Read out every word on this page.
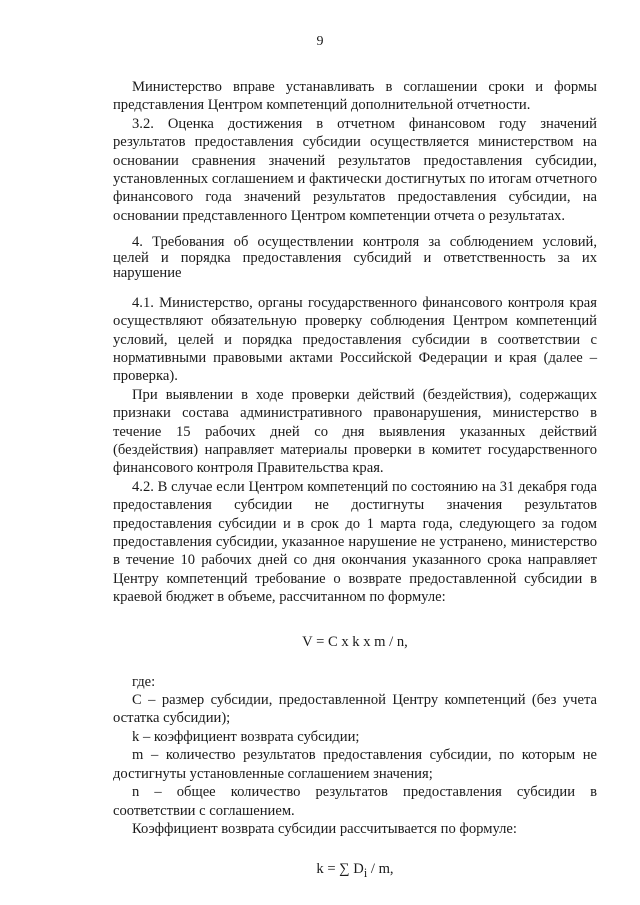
9

Министерство вправе устанавливать в соглашении сроки и формы представления Центром компетенций дополнительной отчетности.

3.2. Оценка достижения в отчетном финансовом году значений результатов предоставления субсидии осуществляется министерством на основании сравнения значений результатов предоставления субсидии, установленных соглашением и фактически достигнутых по итогам отчетного финансового года значений результатов предоставления субсидии, на основании представленного Центром компетенции отчета о результатах.

4. Требования об осуществлении контроля за соблюдением условий, целей и порядка предоставления субсидий и ответственность за их нарушение

4.1. Министерство, органы государственного финансового контроля края осуществляют обязательную проверку соблюдения Центром компетенций условий, целей и порядка предоставления субсидии в соответствии с нормативными правовыми актами Российской Федерации и края (далее – проверка).

При выявлении в ходе проверки действий (бездействия), содержащих признаки состава административного правонарушения, министерство в течение 15 рабочих дней со дня выявления указанных действий (бездействия) направляет материалы проверки в комитет государственного финансового контроля Правительства края.

4.2. В случае если Центром компетенций по состоянию на 31 декабря года предоставления субсидии не достигнуты значения результатов предоставления субсидии и в срок до 1 марта года, следующего за годом предоставления субсидии, указанное нарушение не устранено, министерство в течение 10 рабочих дней со дня окончания указанного срока направляет Центру компетенций требование о возврате предоставленной субсидии в краевой бюджет в объеме, рассчитанном по формуле:

V = C x k x m / n,

где:

C – размер субсидии, предоставленной Центру компетенций (без учета остатка субсидии);

k – коэффициент возврата субсидии;

m – количество результатов предоставления субсидии, по которым не достигнуты установленные соглашением значения;

n – общее количество результатов предоставления субсидии в соответствии с соглашением.

Коэффициент возврата субсидии рассчитывается по формуле:

k = ∑ $D_i$ / m,
